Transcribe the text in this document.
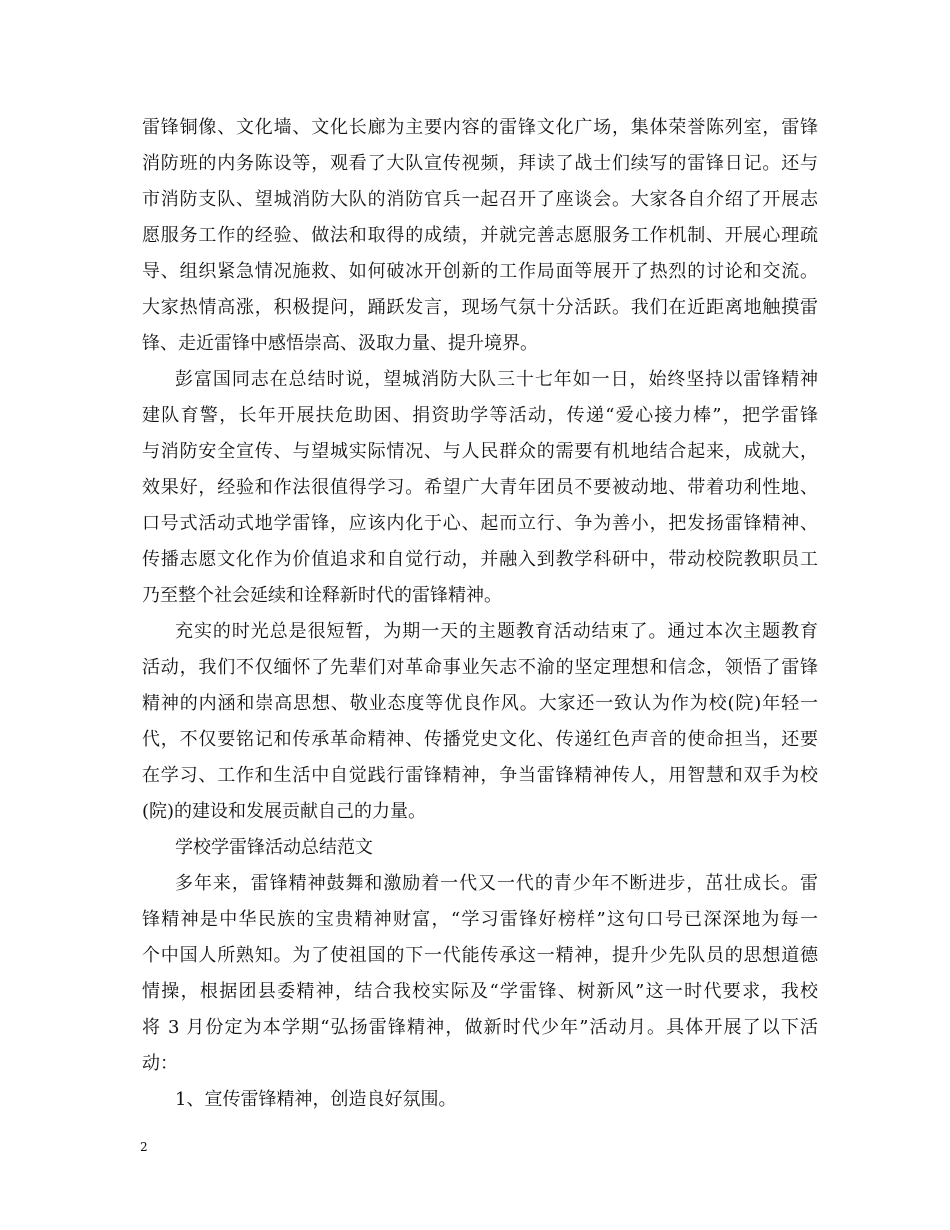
雷锋铜像、文化墙、文化长廊为主要内容的雷锋文化广场，集体荣誉陈列室，雷锋
消防班的内务陈设等，观看了大队宣传视频，拜读了战士们续写的雷锋日记。还与
市消防支队、望城消防大队的消防官兵一起召开了座谈会。大家各自介绍了开展志
愿服务工作的经验、做法和取得的成绩，并就完善志愿服务工作机制、开展心理疏
导、组织紧急情况施救、如何破冰开创新的工作局面等展开了热烈的讨论和交流。
大家热情高涨，积极提问，踊跃发言，现场气氛十分活跃。我们在近距离地触摸雷
锋、走近雷锋中感悟崇高、汲取力量、提升境界。
彭富国同志在总结时说，望城消防大队三十七年如一日，始终坚持以雷锋精神
建队育警，长年开展扶危助困、捐资助学等活动，传递“爱心接力棒”，把学雷锋
与消防安全宣传、与望城实际情况、与人民群众的需要有机地结合起来，成就大，
效果好，经验和作法很值得学习。希望广大青年团员不要被动地、带着功利性地、
口号式活动式地学雷锋，应该内化于心、起而立行、争为善小，把发扬雷锋精神、
传播志愿文化作为价值追求和自觉行动，并融入到教学科研中，带动校院教职员工
乃至整个社会延续和诠释新时代的雷锋精神。
充实的时光总是很短暂，为期一天的主题教育活动结束了。通过本次主题教育
活动，我们不仅缅怀了先辈们对革命事业矢志不渝的坚定理想和信念，领悟了雷锋
精神的内涵和崇高思想、敬业态度等优良作风。大家还一致认为作为校(院)年轻一
代，不仅要铭记和传承革命精神、传播党史文化、传递红色声音的使命担当，还要
在学习、工作和生活中自觉践行雷锋精神，争当雷锋精神传人，用智慧和双手为校
(院)的建设和发展贡献自己的力量。
学校学雷锋活动总结范文
多年来，雷锋精神鼓舞和激励着一代又一代的青少年不断进步，茁壮成长。雷
锋精神是中华民族的宝贵精神财富，“学习雷锋好榜样”这句口号已深深地为每一
个中国人所熟知。为了使祖国的下一代能传承这一精神，提升少先队员的思想道德
情操，根据团县委精神，结合我校实际及“学雷锋、树新风”这一时代要求，我校
将 3 月份定为本学期“弘扬雷锋精神，做新时代少年”活动月。具体开展了以下活
动：
1、宣传雷锋精神，创造良好氛围。
2
